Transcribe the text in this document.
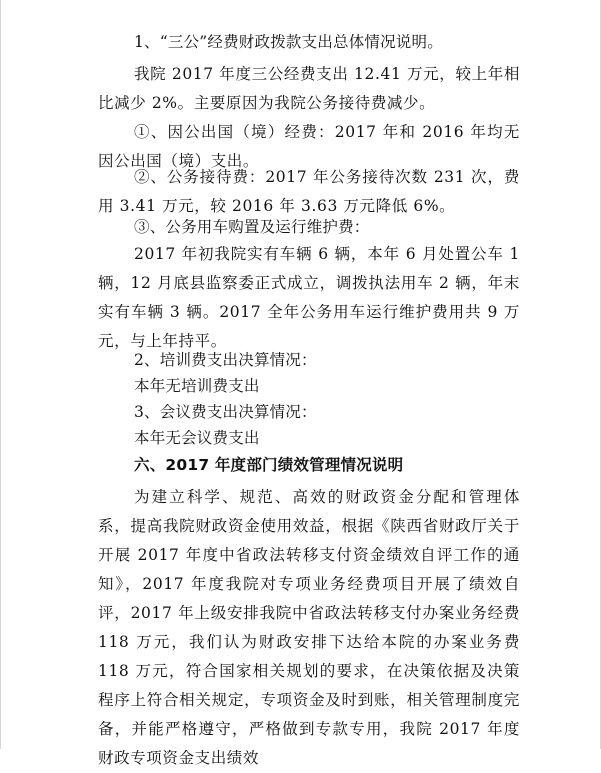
1、“三公”经费财政拨款支出总体情况说明。
我院 2017 年度三公经费支出 12.41 万元，较上年相比减少 2%。主要原因为我院公务接待费减少。
①、因公出国（境）经费：2017 年和 2016 年均无因公出国（境）支出。
②、公务接待费：2017 年公务接待次数 231 次，费用 3.41 万元，较 2016 年 3.63 万元降低 6%。
③、公务用车购置及运行维护费：
2017 年初我院实有车辆 6 辆，本年 6 月处置公车 1 辆，12 月底县监察委正式成立，调拨执法用车 2 辆，年末实有车辆 3 辆。2017 全年公务用车运行维护费用共 9 万元，与上年持平。
2、培训费支出决算情况：
本年无培训费支出
3、会议费支出决算情况：
本年无会议费支出
六、2017 年度部门绩效管理情况说明
为建立科学、规范、高效的财政资金分配和管理体系，提高我院财政资金使用效益，根据《陕西省财政厅关于开展 2017 年度中省政法转移支付资金绩效自评工作的通知》，2017 年度我院对专项业务经费项目开展了绩效自评，2017 年上级安排我院中省政法转移支付办案业务经费 118 万元，我们认为财政安排下达给本院的办案业务费 118 万元，符合国家相关规划的要求，在决策依据及决策程序上符合相关规定，专项资金及时到账，相关管理制度完备，并能严格遵守，严格做到专款专用，我院 2017 年度财政专项资金支出绩效
